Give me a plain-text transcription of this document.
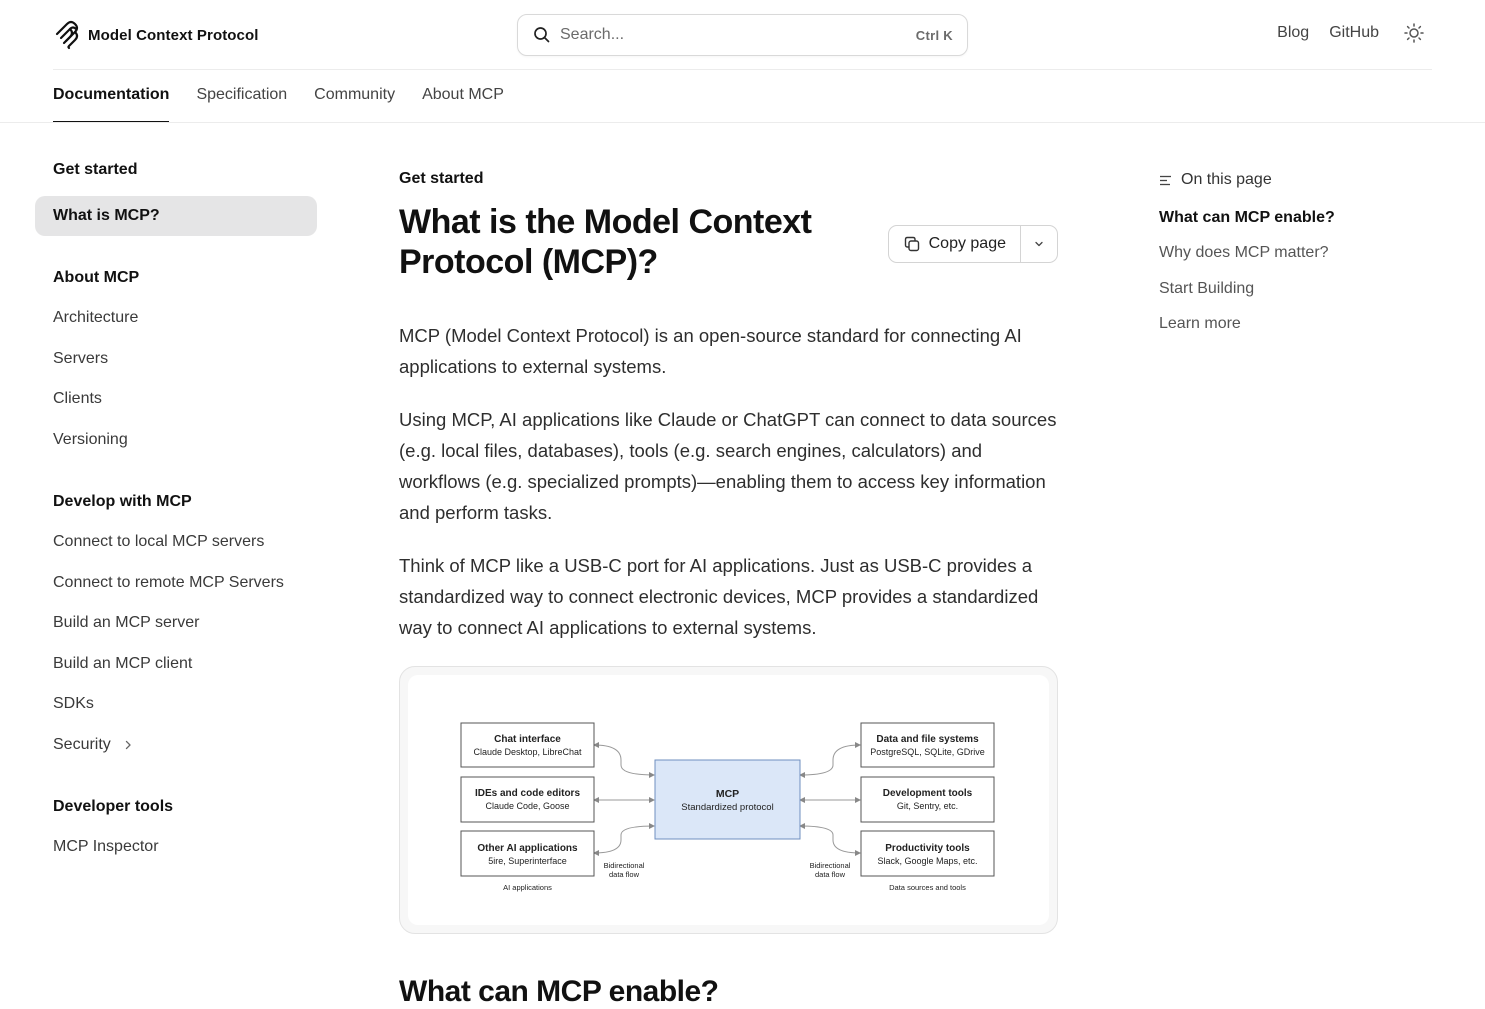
Model Context Protocol	Search...	Ctrl K	Blog GitHub
Documentation Specification Community About MCP
Get started
What is MCP?
About MCP
Architecture
Servers
Clients
Versioning
Develop with MCP
Connect to local MCP servers
Connect to remote MCP Servers
Build an MCP server
Build an MCP client
SDKs
Security
Developer tools
MCP Inspector
Get started
What is the Model Context Protocol (MCP)?	Copy page

MCP (Model Context Protocol) is an open-source standard for connecting AI applications to external systems.

Using MCP, AI applications like Claude or ChatGPT can connect to data sources (e.g. local files, databases), tools (e.g. search engines, calculators) and workflows (e.g. specialized prompts)—enabling them to access key information and perform tasks.

Think of MCP like a USB-C port for AI applications. Just as USB-C provides a standardized way to connect electronic devices, MCP provides a standardized way to connect AI applications to external systems.

Chat interface
Claude Desktop, LibreChat
IDEs and code editors
Claude Code, Goose
Other AI applications
5ire, Superinterface
MCP
Standardized protocol
Data and file systems
PostgreSQL, SQLite, GDrive
Development tools
Git, Sentry, etc.
Productivity tools
Slack, Google Maps, etc.
Bidirectional
data flow
Bidirectional
data flow
AI applications	Data sources and tools
What can MCP enable?
On this page
What can MCP enable?
Why does MCP matter?
Start Building
Learn more
